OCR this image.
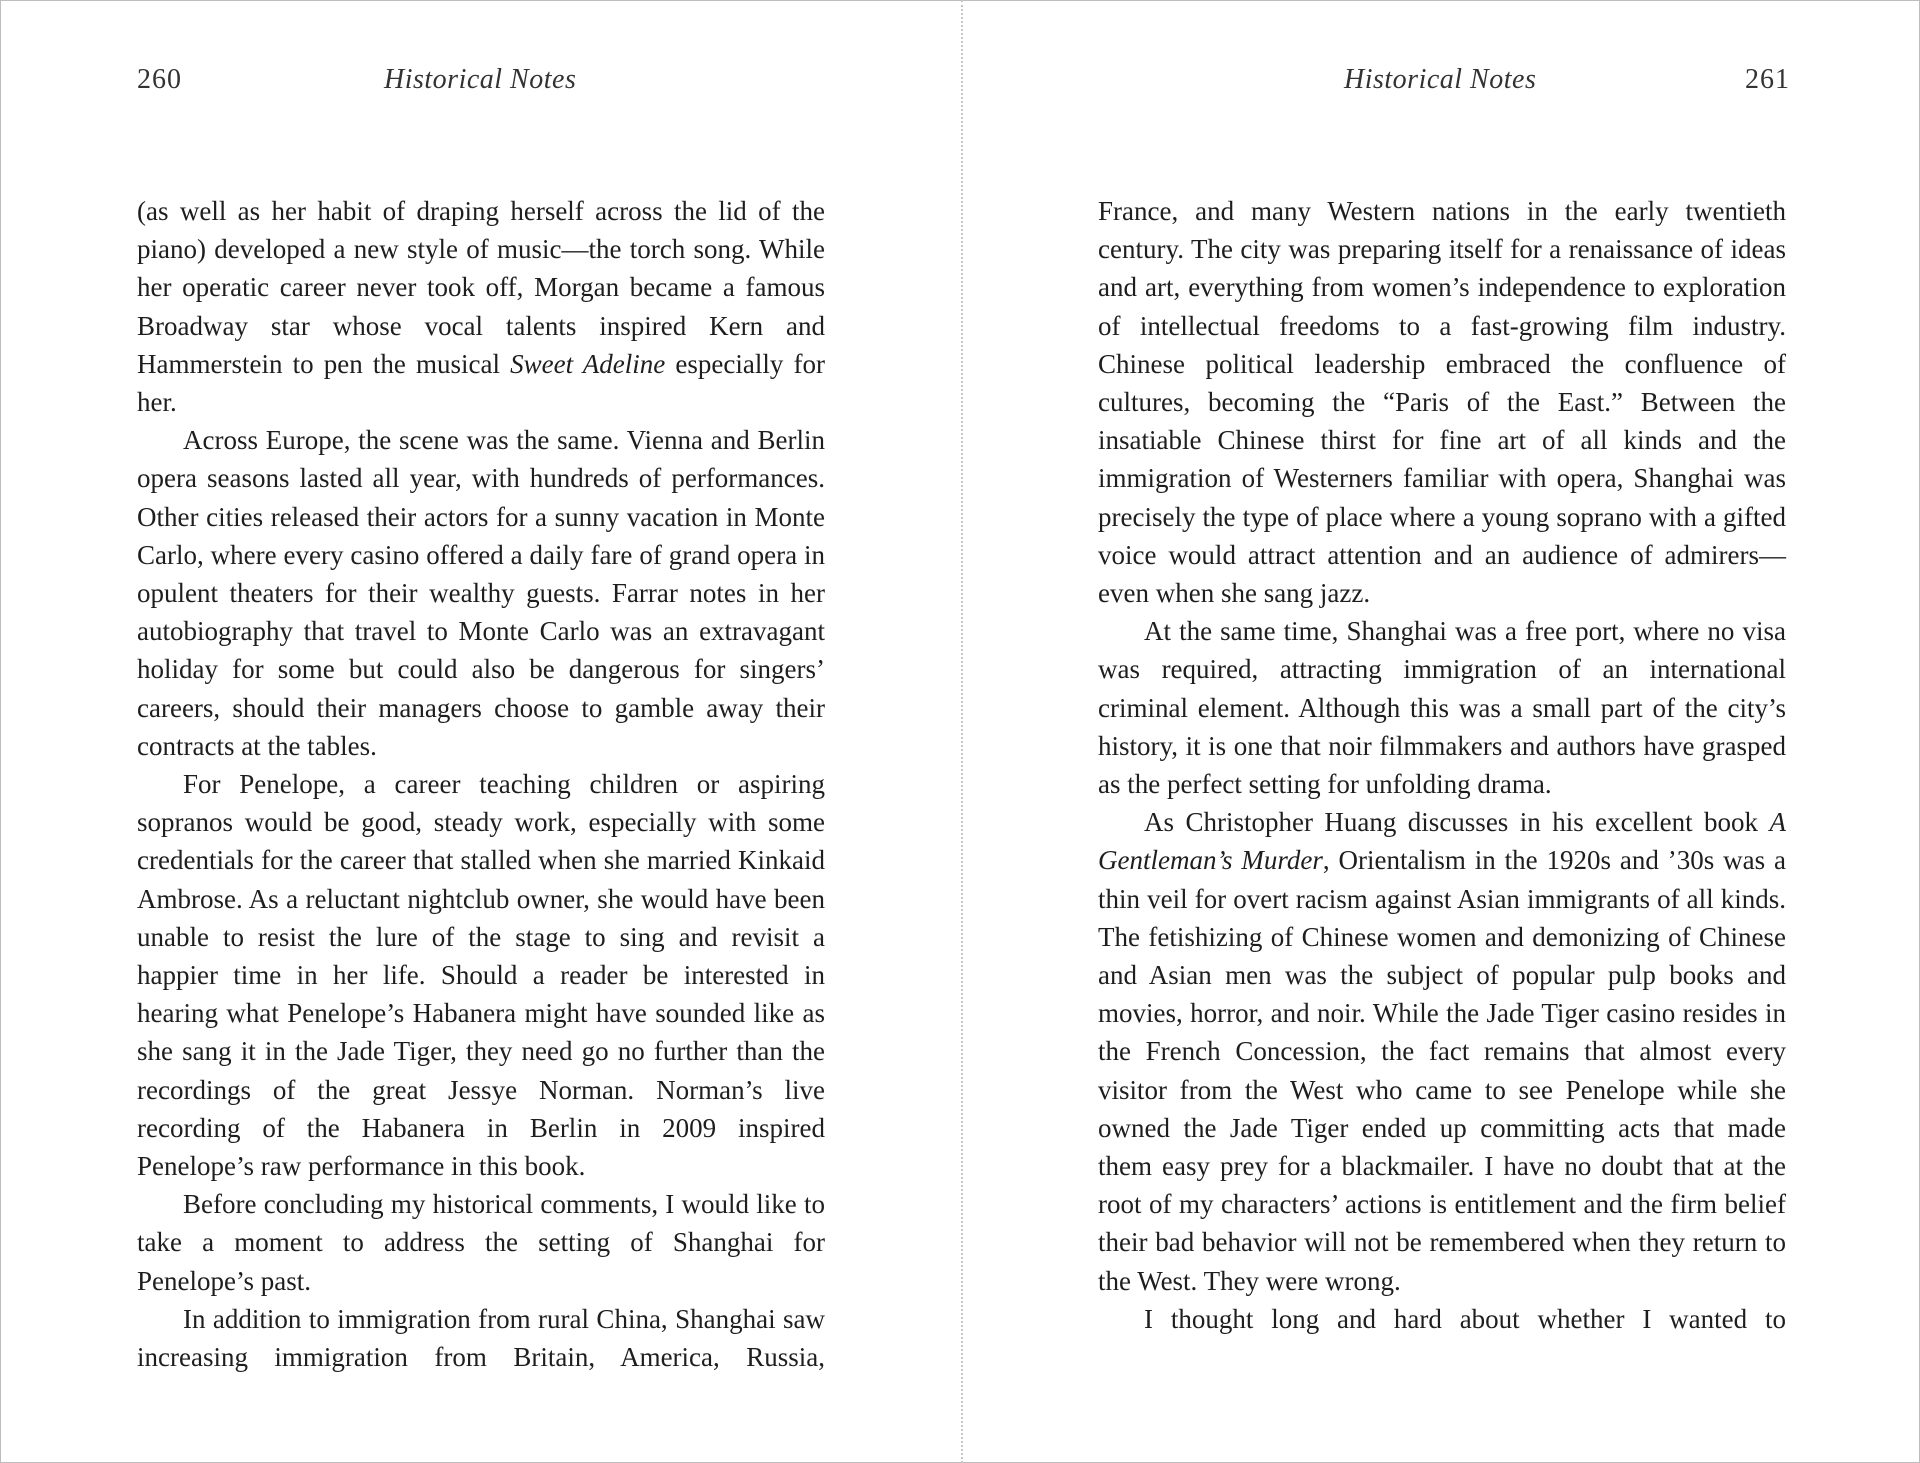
260	Historical Notes

(as well as her habit of draping herself across the lid of the piano) developed a new style of music—the torch song. While her operatic career never took off, Morgan became a famous Broadway star whose vocal talents inspired Kern and Hammerstein to pen the musical Sweet Adeline especially for her.

Across Europe, the scene was the same. Vienna and Berlin opera seasons lasted all year, with hundreds of performances. Other cities released their actors for a sunny vacation in Monte Carlo, where every casino offered a daily fare of grand opera in opulent theaters for their wealthy guests. Farrar notes in her autobiography that travel to Monte Carlo was an extravagant holiday for some but could also be dangerous for singers’ careers, should their managers choose to gamble away their contracts at the tables.

For Penelope, a career teaching children or aspiring sopranos would be good, steady work, especially with some credentials for the career that stalled when she married Kinkaid Ambrose. As a reluctant nightclub owner, she would have been unable to resist the lure of the stage to sing and revisit a happier time in her life. Should a reader be interested in hearing what Penelope’s Habanera might have sounded like as she sang it in the Jade Tiger, they need go no further than the recordings of the great Jessye Norman. Norman’s live recording of the Habanera in Berlin in 2009 inspired Penelope’s raw performance in this book.

Before concluding my historical comments, I would like to take a moment to address the setting of Shanghai for Penelope’s past.

In addition to immigration from rural China, Shanghai saw increasing immigration from Britain, America, Russia,

Historical Notes	261

France, and many Western nations in the early twentieth century. The city was preparing itself for a renaissance of ideas and art, everything from women’s independence to exploration of intellectual freedoms to a fast-growing film industry. Chinese political leadership embraced the confluence of cultures, becoming the “Paris of the East.” Between the insatiable Chinese thirst for fine art of all kinds and the immigration of Westerners familiar with opera, Shanghai was precisely the type of place where a young soprano with a gifted voice would attract attention and an audience of admirers—even when she sang jazz.

At the same time, Shanghai was a free port, where no visa was required, attracting immigration of an international criminal element. Although this was a small part of the city’s history, it is one that noir filmmakers and authors have grasped as the perfect setting for unfolding drama.

As Christopher Huang discusses in his excellent book A Gentleman’s Murder, Orientalism in the 1920s and ’30s was a thin veil for overt racism against Asian immigrants of all kinds. The fetishizing of Chinese women and demonizing of Chinese and Asian men was the subject of popular pulp books and movies, horror, and noir. While the Jade Tiger casino resides in the French Concession, the fact remains that almost every visitor from the West who came to see Penelope while she owned the Jade Tiger ended up committing acts that made them easy prey for a blackmailer. I have no doubt that at the root of my characters’ actions is entitlement and the firm belief their bad behavior will not be remembered when they return to the West. They were wrong.

I thought long and hard about whether I wanted to
